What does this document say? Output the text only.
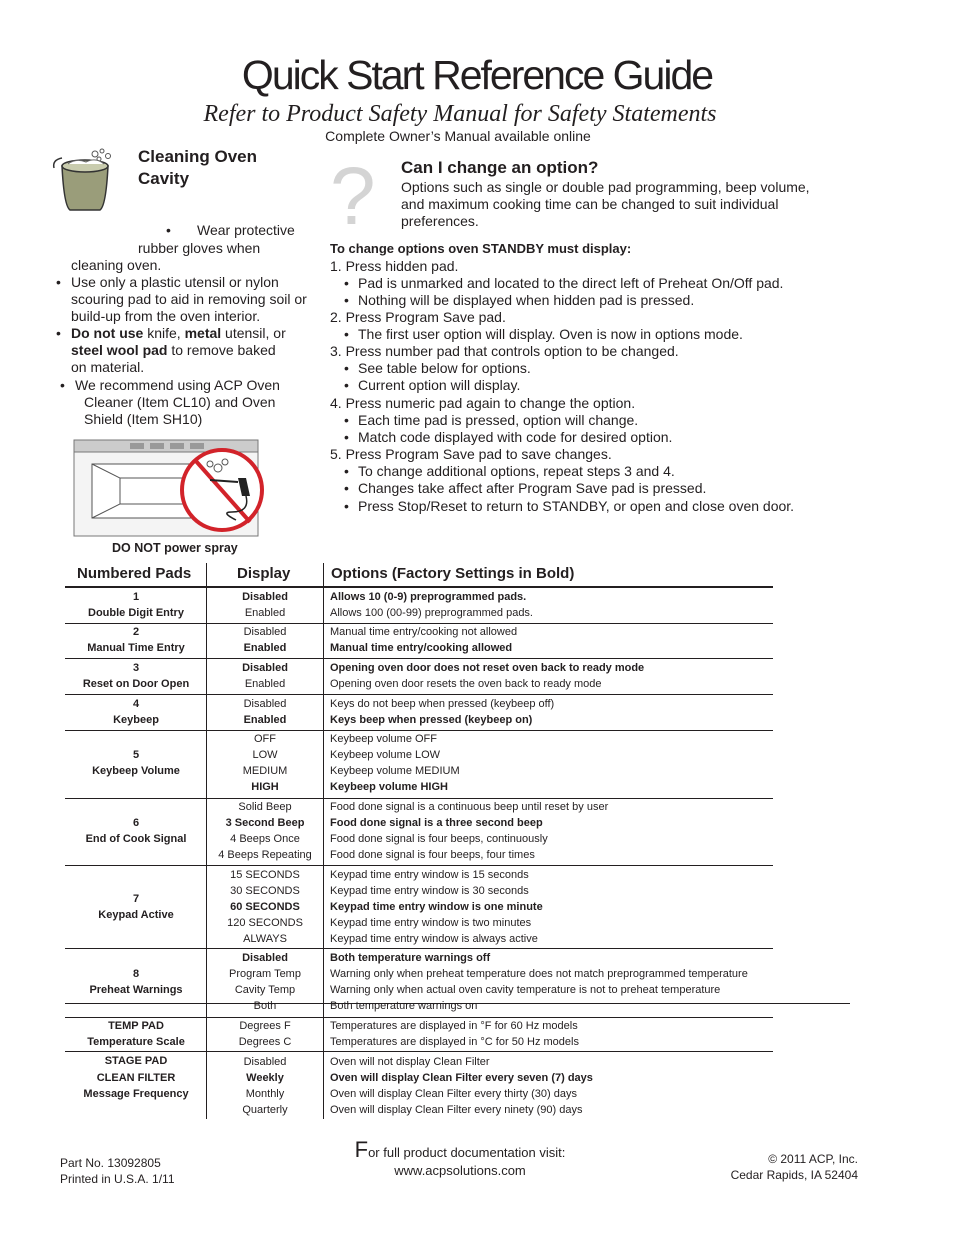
Quick Start Reference Guide
Refer to Product Safety Manual for Safety Statements
Complete Owner’s Manual available online
Cleaning Oven
Cavity
• Wear protective
rubber gloves when
cleaning oven.
• Use only a plastic utensil or nylon
scouring pad to aid in removing soil or
build-up from the oven interior.
• Do not use knife, metal utensil, or
steel wool pad to remove baked
on material.
• We recommend using ACP Oven
Cleaner (Item CL10) and Oven
Shield (Item SH10)
DO NOT power spray
? Can I change an option?
Options such as single or double pad programming, beep volume,
and maximum cooking time can be changed to suit individual
preferences.
To change options oven STANDBY must display:
1. Press hidden pad.
• Pad is unmarked and located to the direct left of Preheat On/Off pad.
• Nothing will be displayed when hidden pad is pressed.
2. Press Program Save pad.
• The first user option will display. Oven is now in options mode.
3. Press number pad that controls option to be changed.
• See table below for options.
• Current option will display.
4. Press numeric pad again to change the option.
• Each time pad is pressed, option will change.
• Match code displayed with code for desired option.
5. Press Program Save pad to save changes.
• To change additional options, repeat steps 3 and 4.
• Changes take affect after Program Save pad is pressed.
• Press Stop/Reset to return to STANDBY, or open and close oven door.
Numbered Pads	Display	Options (Factory Settings in Bold)
1
Double Digit Entry
Disabled
Enabled
Allows 10 (0-9) preprogrammed pads.
Allows 100 (00-99) preprogrammed pads.
2
Manual Time Entry
Disabled
Enabled
Manual time entry/cooking not allowed
Manual time entry/cooking allowed
3
Reset on Door Open
Disabled
Enabled
Opening oven door does not reset oven back to ready mode
Opening oven door resets the oven back to ready mode
4
Keybeep
Disabled
Enabled
Keys do not beep when pressed (keybeep off)
Keys beep when pressed (keybeep on)
5
Keybeep Volume
OFF
LOW
MEDIUM
HIGH
Keybeep volume OFF
Keybeep volume LOW
Keybeep volume MEDIUM
Keybeep volume HIGH
6
End of Cook Signal
Solid Beep
3 Second Beep
4 Beeps Once
4 Beeps Repeating
Food done signal is a continuous beep until reset by user
Food done signal is a three second beep
Food done signal is four beeps, continuously
Food done signal is four beeps, four times
7
Keypad Active
15 SECONDS
30 SECONDS
60 SECONDS
120 SECONDS
ALWAYS
Keypad time entry window is 15 seconds
Keypad time entry window is 30 seconds
Keypad time entry window is one minute
Keypad time entry window is two minutes
Keypad time entry window is always active
8
Preheat Warnings
Disabled
Program Temp
Cavity Temp
Both
Both temperature warnings off
Warning only when preheat temperature does not match preprogrammed temperature
Warning only when actual oven cavity temperature is not to preheat temperature
Both temperature warnings on
TEMP PAD
Temperature Scale
Degrees F
Degrees C
Temperatures are displayed in °F for 60 Hz models
Temperatures are displayed in °C for 50 Hz models
STAGE PAD
CLEAN FILTER
Message Frequency
Disabled
Weekly
Monthly
Quarterly
Oven will not display Clean Filter
Oven will display Clean Filter every seven (7) days
Oven will display Clean Filter every thirty (30) days
Oven will display Clean Filter every ninety (90) days
Part No. 13092805
Printed in U.S.A. 1/11
For full product documentation visit:
www.acpsolutions.com
© 2011 ACP, Inc.
Cedar Rapids, IA 52404
